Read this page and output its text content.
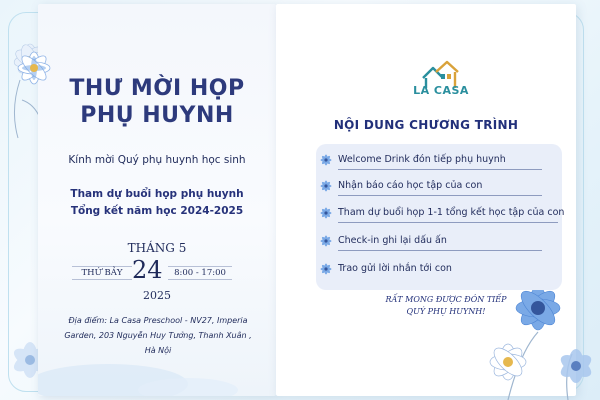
THƯ MỜI HỌP
PHỤ HUYNH
Kính mời Quý phụ huynh học sinh
Tham dự buổi họp phụ huynh
Tổng kết năm học 2024-2025
THÁNG 5
THỨ BẢY 24	8:00 - 17:00
2025
Địa điểm: La Casa Preschool - NV27, Imperia
Garden, 203 Nguyễn Huy Tưởng, Thanh Xuân ,
Hà Nội
LA CASA
NỘI DUNG CHƯƠNG TRÌNH
Welcome Drink đón tiếp phụ huynh
Nhận báo cáo học tập của con
Tham dự buổi họp 1-1 tổng kết học tập của con
Check-in ghi lại dấu ấn
Trao gửi lời nhắn tới con
RẤT MONG ĐƯỢC ĐÓN TIẾP
QUÝ PHỤ HUYNH!
